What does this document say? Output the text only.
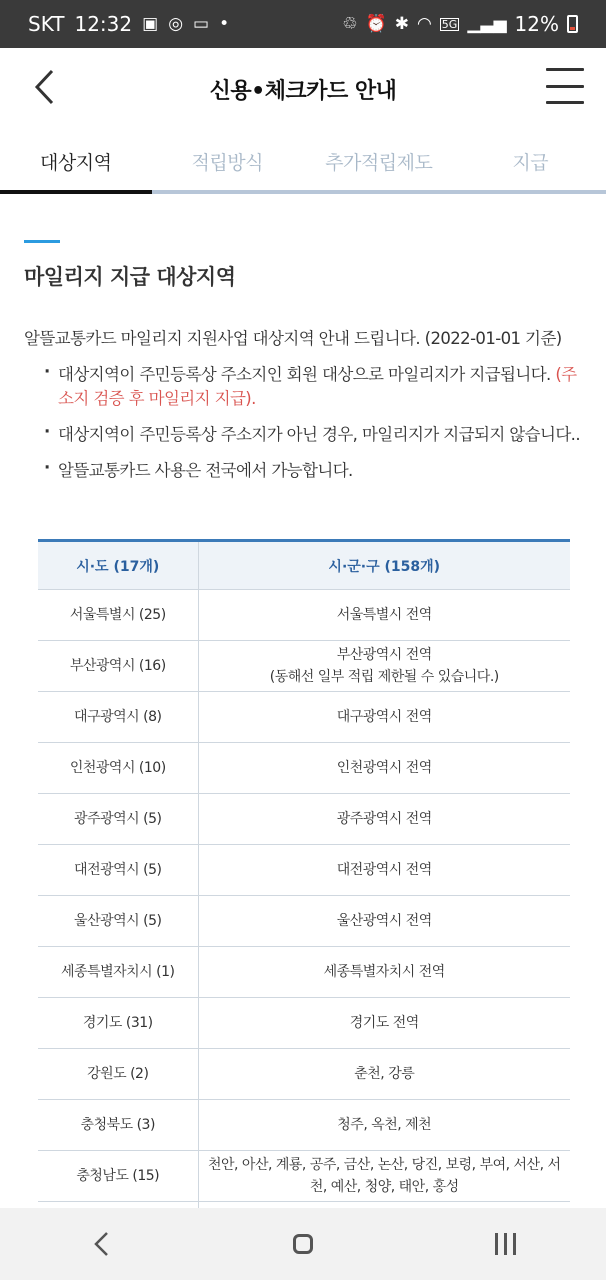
SKT 12:32 ▣ ◎ ▭ •	♲ ⏰ ✱ ◠ 5G ▁▃▅ 12%
신용•체크카드 안내
대상지역	적립방식	추가적립제도	지급
마일리지 지급 대상지역
알뜰교통카드 마일리지 지원사업 대상지역 안내 드립니다. (2022-01-01 기준)
· 대상지역이 주민등록상 주소지인 회원 대상으로 마일리지가 지급됩니다. (주소지 검증 후 마일리지 지급).
· 대상지역이 주민등록상 주소지가 아닌 경우, 마일리지가 지급되지 않습니다..
· 알뜰교통카드 사용은 전국에서 가능합니다.
시·도 (17개)	시·군·구 (158개)
서울특별시 (25)	서울특별시 전역
부산광역시 (16)	부산광역시 전역
(동해선 일부 적립 제한될 수 있습니다.)
대구광역시 (8)	대구광역시 전역
인천광역시 (10)	인천광역시 전역
광주광역시 (5)	광주광역시 전역
대전광역시 (5)	대전광역시 전역
울산광역시 (5)	울산광역시 전역
세종특별자치시 (1)	세종특별자치시 전역
경기도 (31)	경기도 전역
강원도 (2)	춘천, 강릉
충청북도 (3)	청주, 옥천, 제천
충청남도 (15)	천안, 아산, 계룡, 공주, 금산, 논산, 당진, 보령, 부여, 서산, 서천, 예산, 청양, 태안, 홍성
